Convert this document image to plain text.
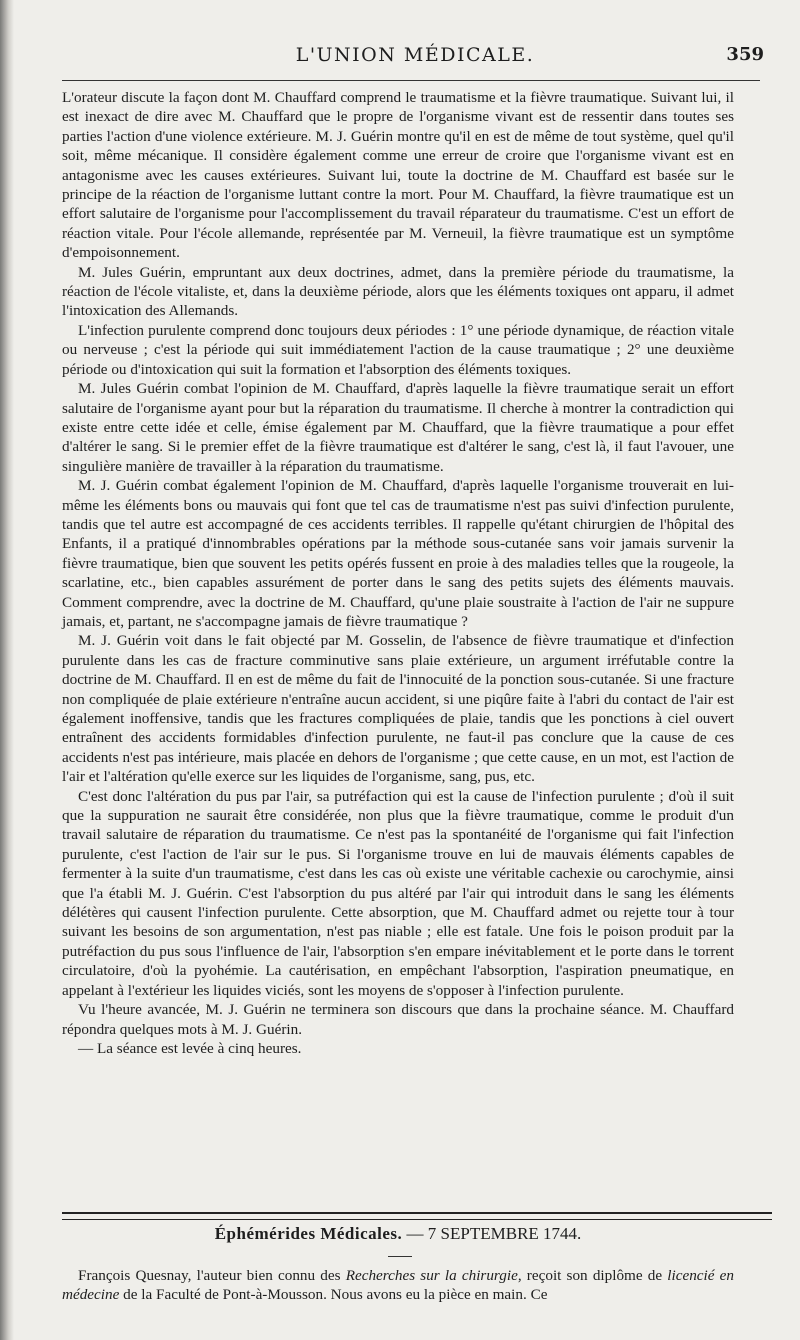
L'UNION MÉDICALE.	359

L'orateur discute la façon dont M. Chauffard comprend le traumatisme et la fièvre traumatique. Suivant lui, il est inexact de dire avec M. Chauffard que le propre de l'organisme vivant est de ressentir dans toutes ses parties l'action d'une violence extérieure. M. J. Guérin montre qu'il en est de même de tout système, quel qu'il soit, même mécanique. Il considère également comme une erreur de croire que l'organisme vivant est en antagonisme avec les causes extérieures. Suivant lui, toute la doctrine de M. Chauffard est basée sur le principe de la réaction de l'organisme luttant contre la mort. Pour M. Chauffard, la fièvre traumatique est un effort salutaire de l'organisme pour l'accomplissement du travail réparateur du traumatisme. C'est un effort de réaction vitale. Pour l'école allemande, représentée par M. Verneuil, la fièvre traumatique est un symptôme d'empoisonnement.

M. Jules Guérin, empruntant aux deux doctrines, admet, dans la première période du traumatisme, la réaction de l'école vitaliste, et, dans la deuxième période, alors que les éléments toxiques ont apparu, il admet l'intoxication des Allemands.

L'infection purulente comprend donc toujours deux périodes : 1° une période dynamique, de réaction vitale ou nerveuse ; c'est la période qui suit immédiatement l'action de la cause traumatique ; 2° une deuxième période ou d'intoxication qui suit la formation et l'absorption des éléments toxiques.

M. Jules Guérin combat l'opinion de M. Chauffard, d'après laquelle la fièvre traumatique serait un effort salutaire de l'organisme ayant pour but la réparation du traumatisme. Il cherche à montrer la contradiction qui existe entre cette idée et celle, émise également par M. Chauffard, que la fièvre traumatique a pour effet d'altérer le sang. Si le premier effet de la fièvre traumatique est d'altérer le sang, c'est là, il faut l'avouer, une singulière manière de travailler à la réparation du traumatisme.

M. J. Guérin combat également l'opinion de M. Chauffard, d'après laquelle l'organisme trouverait en lui-même les éléments bons ou mauvais qui font que tel cas de traumatisme n'est pas suivi d'infection purulente, tandis que tel autre est accompagné de ces accidents terribles. Il rappelle qu'étant chirurgien de l'hôpital des Enfants, il a pratiqué d'innombrables opérations par la méthode sous-cutanée sans voir jamais survenir la fièvre traumatique, bien que souvent les petits opérés fussent en proie à des maladies telles que la rougeole, la scarlatine, etc., bien capables assurément de porter dans le sang des petits sujets des éléments mauvais. Comment comprendre, avec la doctrine de M. Chauffard, qu'une plaie soustraite à l'action de l'air ne suppure jamais, et, partant, ne s'accompagne jamais de fièvre traumatique ?

M. J. Guérin voit dans le fait objecté par M. Gosselin, de l'absence de fièvre traumatique et d'infection purulente dans les cas de fracture comminutive sans plaie extérieure, un argument irréfutable contre la doctrine de M. Chauffard. Il en est de même du fait de l'innocuité de la ponction sous-cutanée. Si une fracture non compliquée de plaie extérieure n'entraîne aucun accident, si une piqûre faite à l'abri du contact de l'air est également inoffensive, tandis que les fractures compliquées de plaie, tandis que les ponctions à ciel ouvert entraînent des accidents formidables d'infection purulente, ne faut-il pas conclure que la cause de ces accidents n'est pas intérieure, mais placée en dehors de l'organisme ; que cette cause, en un mot, est l'action de l'air et l'altération qu'elle exerce sur les liquides de l'organisme, sang, pus, etc.

C'est donc l'altération du pus par l'air, sa putréfaction qui est la cause de l'infection purulente ; d'où il suit que la suppuration ne saurait être considérée, non plus que la fièvre traumatique, comme le produit d'un travail salutaire de réparation du traumatisme. Ce n'est pas la spontanéité de l'organisme qui fait l'infection purulente, c'est l'action de l'air sur le pus. Si l'organisme trouve en lui de mauvais éléments capables de fermenter à la suite d'un traumatisme, c'est dans les cas où existe une véritable cachexie ou carochymie, ainsi que l'a établi M. J. Guérin. C'est l'absorption du pus altéré par l'air qui introduit dans le sang les éléments délétères qui causent l'infection purulente. Cette absorption, que M. Chauffard admet ou rejette tour à tour suivant les besoins de son argumentation, n'est pas niable ; elle est fatale. Une fois le poison produit par la putréfaction du pus sous l'influence de l'air, l'absorption s'en empare inévitablement et le porte dans le torrent circulatoire, d'où la pyohémie. La cautérisation, en empêchant l'absorption, l'aspiration pneumatique, en appelant à l'extérieur les liquides viciés, sont les moyens de s'opposer à l'infection purulente.

Vu l'heure avancée, M. J. Guérin ne terminera son discours que dans la prochaine séance. M. Chauffard répondra quelques mots à M. J. Guérin.

— La séance est levée à cinq heures.

Éphémérides Médicales. — 7 SEPTEMBRE 1744.

François Quesnay, l'auteur bien connu des Recherches sur la chirurgie, reçoit son diplôme de licencié en médecine de la Faculté de Pont-à-Mousson. Nous avons eu la pièce en main. Ce
